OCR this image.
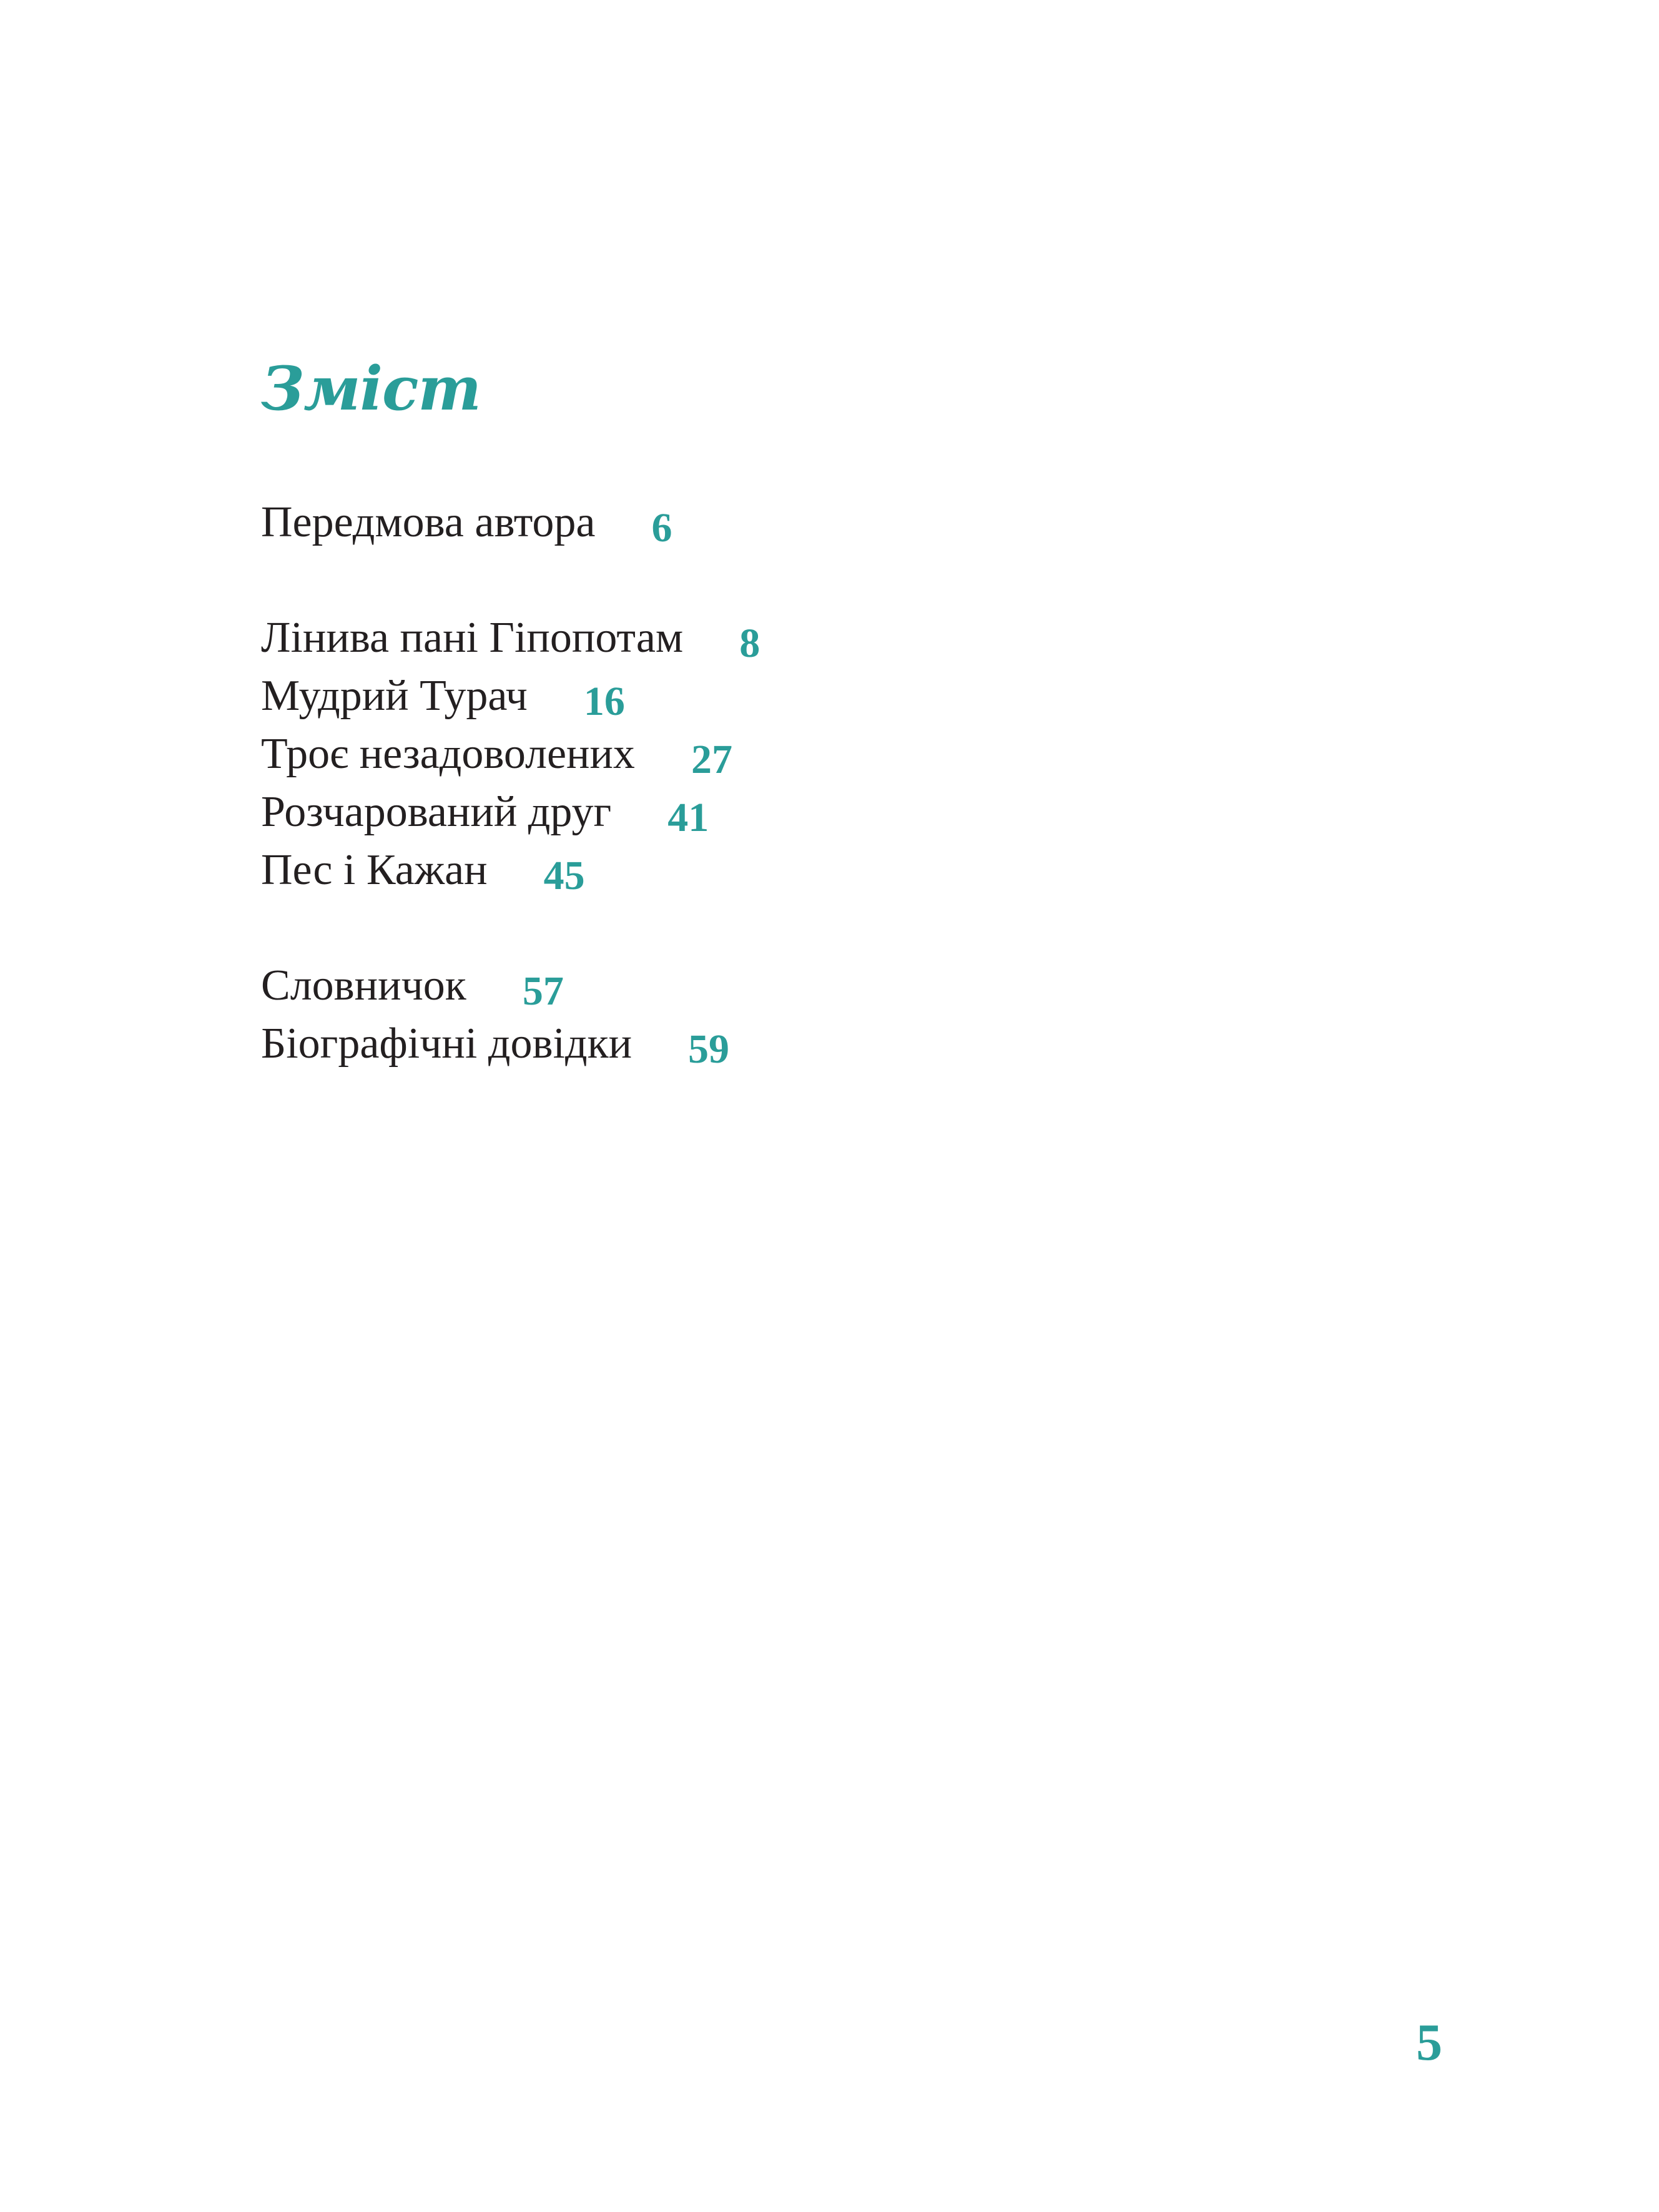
Зміст
Передмова автора 6
Лінива пані Гіпопотам 8
Мудрий Турач 16
Троє незадоволених 27
Розчарований друг 41
Пес і Кажан 45
Словничок 57
Біографічні довідки 59
5
